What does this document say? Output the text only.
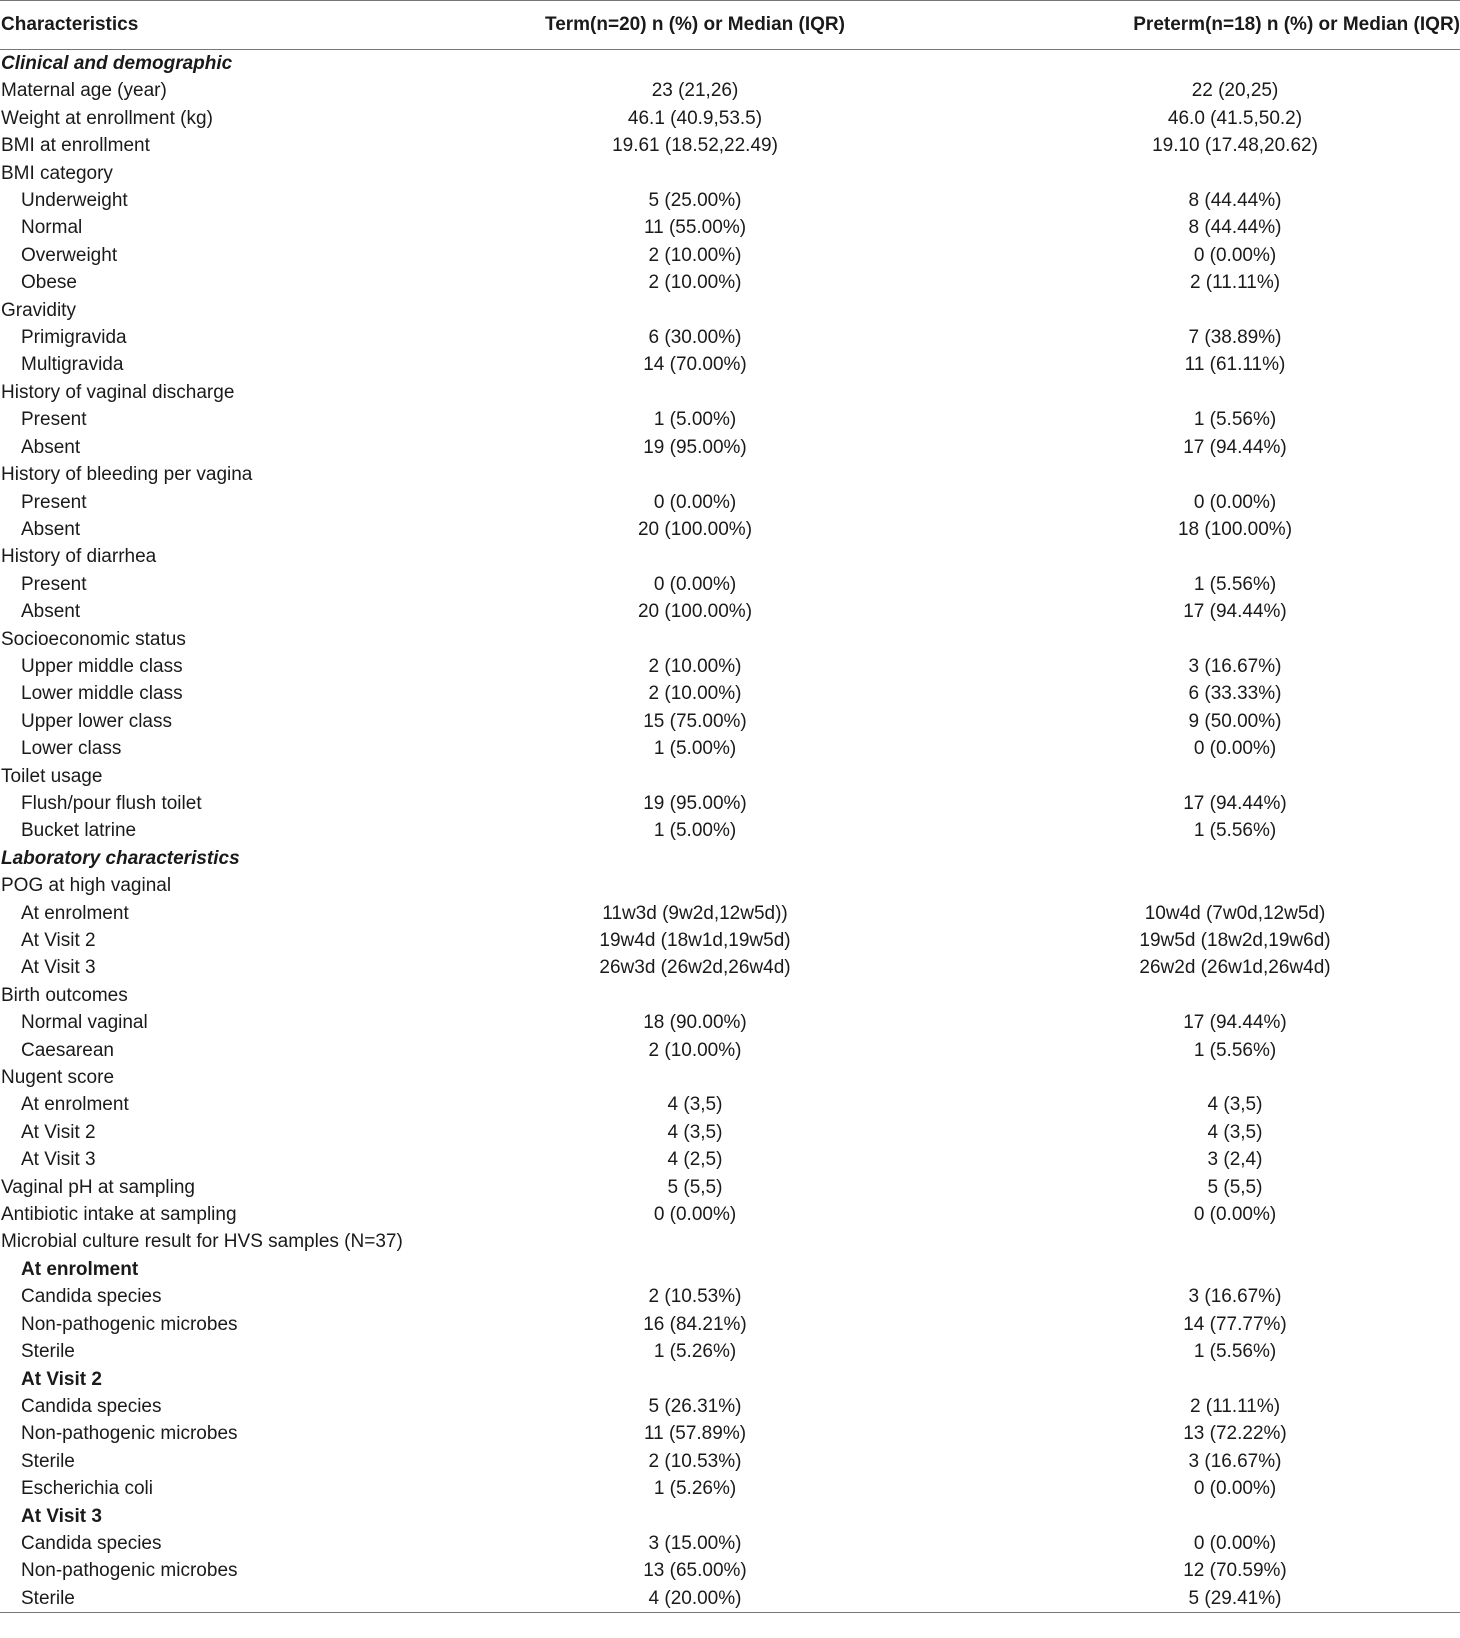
Characteristics	Term(n=20) n (%) or Median (IQR)	Preterm(n=18) n (%) or Median (IQR)
Clinical and demographic		
Maternal age (year)	23 (21,26)	22 (20,25)
Weight at enrollment (kg)	46.1 (40.9,53.5)	46.0 (41.5,50.2)
BMI at enrollment	19.61 (18.52,22.49)	19.10 (17.48,20.62)
BMI category		
Underweight	5 (25.00%)	8 (44.44%)
Normal	11 (55.00%)	8 (44.44%)
Overweight	2 (10.00%)	0 (0.00%)
Obese	2 (10.00%)	2 (11.11%)
Gravidity		
Primigravida	6 (30.00%)	7 (38.89%)
Multigravida	14 (70.00%)	11 (61.11%)
History of vaginal discharge		
Present	1 (5.00%)	1 (5.56%)
Absent	19 (95.00%)	17 (94.44%)
History of bleeding per vagina		
Present	0 (0.00%)	0 (0.00%)
Absent	20 (100.00%)	18 (100.00%)
History of diarrhea		
Present	0 (0.00%)	1 (5.56%)
Absent	20 (100.00%)	17 (94.44%)
Socioeconomic status		
Upper middle class	2 (10.00%)	3 (16.67%)
Lower middle class	2 (10.00%)	6 (33.33%)
Upper lower class	15 (75.00%)	9 (50.00%)
Lower class	1 (5.00%)	0 (0.00%)
Toilet usage		
Flush/pour flush toilet	19 (95.00%)	17 (94.44%)
Bucket latrine	1 (5.00%)	1 (5.56%)
Laboratory characteristics		
POG at high vaginal		
At enrolment	11w3d (9w2d,12w5d))	10w4d (7w0d,12w5d)
At Visit 2	19w4d (18w1d,19w5d)	19w5d (18w2d,19w6d)
At Visit 3	26w3d (26w2d,26w4d)	26w2d (26w1d,26w4d)
Birth outcomes		
Normal vaginal	18 (90.00%)	17 (94.44%)
Caesarean	2 (10.00%)	1 (5.56%)
Nugent score		
At enrolment	4 (3,5)	4 (3,5)
At Visit 2	4 (3,5)	4 (3,5)
At Visit 3	4 (2,5)	3 (2,4)
Vaginal pH at sampling	5 (5,5)	5 (5,5)
Antibiotic intake at sampling	0 (0.00%)	0 (0.00%)
Microbial culture result for HVS samples (N=37)		
At enrolment		
Candida species	2 (10.53%)	3 (16.67%)
Non-pathogenic microbes	16 (84.21%)	14 (77.77%)
Sterile	1 (5.26%)	1 (5.56%)
At Visit 2		
Candida species	5 (26.31%)	2 (11.11%)
Non-pathogenic microbes	11 (57.89%)	13 (72.22%)
Sterile	2 (10.53%)	3 (16.67%)
Escherichia coli	1 (5.26%)	0 (0.00%)
At Visit 3		
Candida species	3 (15.00%)	0 (0.00%)
Non-pathogenic microbes	13 (65.00%)	12 (70.59%)
Sterile	4 (20.00%)	5 (29.41%)
